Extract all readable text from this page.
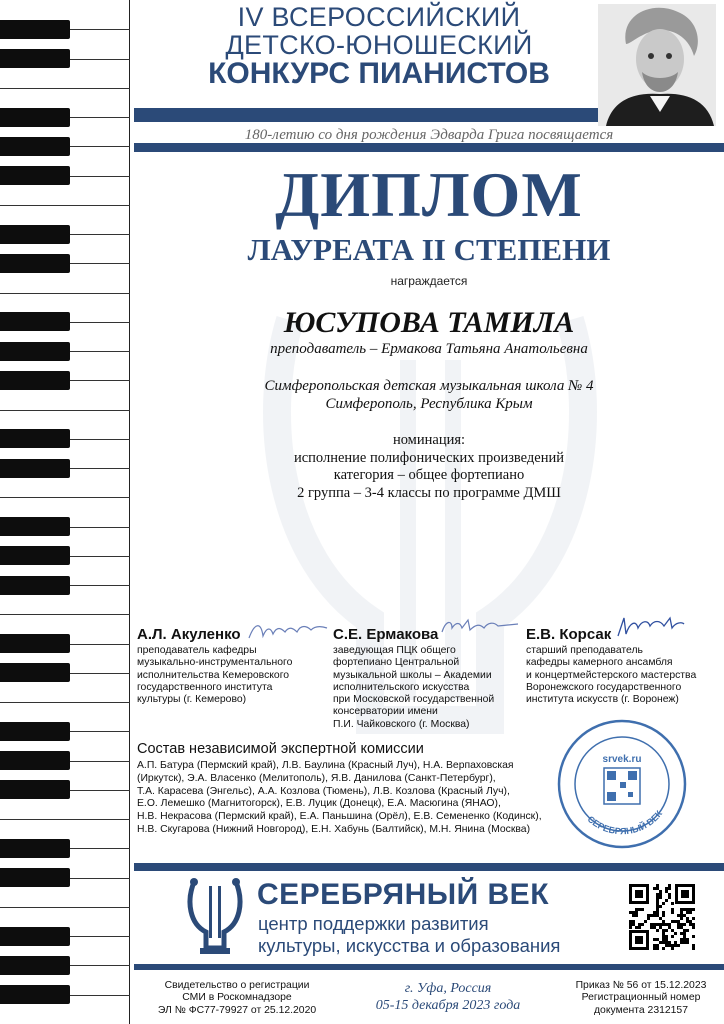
IV ВСЕРОССИЙСКИЙ
ДЕТСКО-ЮНОШЕСКИЙ
КОНКУРС ПИАНИСТОВ
180-летию со дня рождения Эдварда Грига посвящается
ДИПЛОМ
ЛАУРЕАТА II СТЕПЕНИ
награждается
ЮСУПОВА ТАМИЛА
преподаватель – Ермакова Татьяна Анатольевна
Симферопольская детская музыкальная школа № 4
Симферополь, Республика Крым
номинация:
исполнение полифонических произведений
категория – общее фортепиано
2 группа – 3-4 классы по программе ДМШ
А.Л. Акуленко
преподаватель кафедры
музыкально-инструментального
исполнительства Кемеровского
государственного института
культуры (г. Кемерово)
С.Е. Ермакова
заведующая ПЦК общего
фортепиано Центральной
музыкальной школы – Академии
исполнительского искусства
при Московской государственной
консерватории имени
П.И. Чайковского (г. Москва)
Е.В. Корсак
старший преподаватель
кафедры камерного ансамбля
и концертмейстерского мастерства
Воронежского государственного
института искусств (г. Воронеж)
Состав независимой экспертной комиссии
А.П. Батура (Пермский край), Л.В. Баулина (Красный Луч), Н.А. Верпаховская
(Иркутск), Э.А. Власенко (Мелитополь), Я.В. Данилова (Санкт-Петербург),
Т.А. Карасева (Энгельс), А.А. Козлова (Тюмень), Л.В. Козлова (Красный Луч),
Е.О. Лемешко (Магнитогорск), Е.В. Луцик (Донецк), Е.А. Масюгина (ЯНАО),
Н.В. Некрасова (Пермский край), Е.А. Паньшина (Орёл), Е.В. Семененко (Кодинск),
Н.В. Скугарова (Нижний Новгород), Е.Н. Хабунь (Балтийск), М.Н. Янина (Москва)
srvek.ru
СЕРЕБРЯНЫЙ ВЕК
СЕРЕБРЯНЫЙ ВЕК
центр поддержки развития
культуры, искусства и образования
Свидетельство о регистрации
СМИ в Роскомнадзоре
ЭЛ № ФС77-79927 от 25.12.2020
г. Уфа, Россия
05-15 декабря 2023 года
Приказ № 56 от 15.12.2023
Регистрационный номер
документа 2312157
